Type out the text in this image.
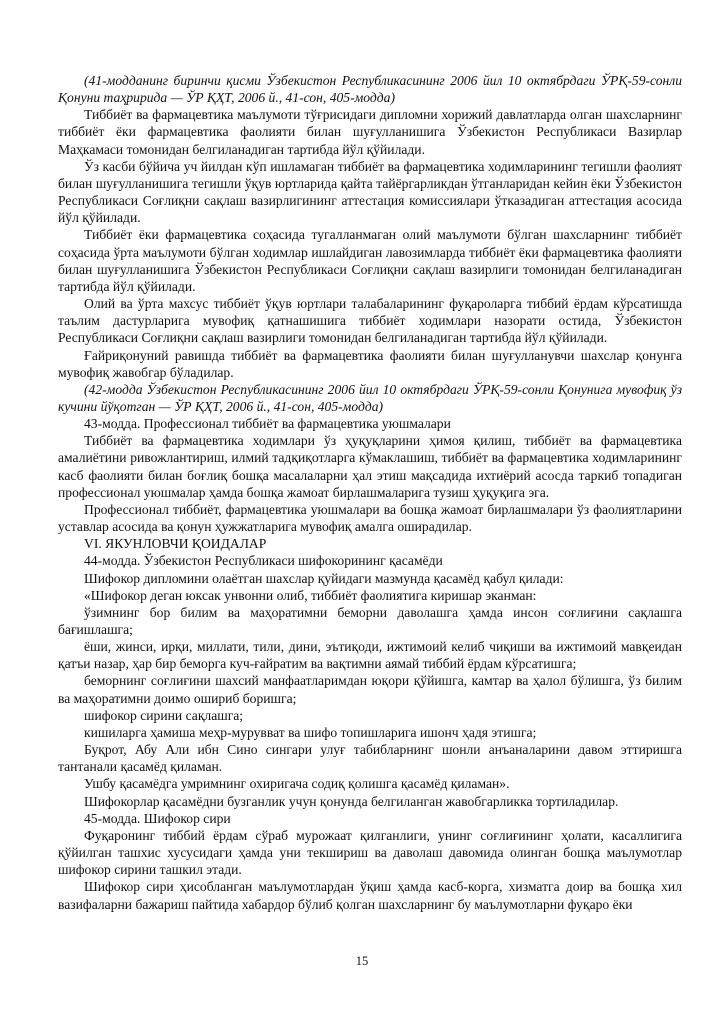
(41-модданинг биринчи қисми Ўзбекистон Республикасининг 2006 йил 10 октябрдаги ЎРҚ-59-сонли Қонуни таҳририда — ЎР ҚҲТ, 2006 й., 41-сон, 405-модда)

Тиббиёт ва фармацевтика маълумоти тўғрисидаги дипломни хорижий давлатларда олган шахсларнинг тиббиёт ёки фармацевтика фаолияти билан шуғулланишига Ўзбекистон Республикаси Вазирлар Маҳкамаси томонидан белгиланадиган тартибда йўл қўйилади.

Ўз касби бўйича уч йилдан кўп ишламаган тиббиёт ва фармацевтика ходимларининг тегишли фаолият билан шуғулланишига тегишли ўқув юртларида қайта тайёргарликдан ўтганларидан кейин ёки Ўзбекистон Республикаси Соғлиқни сақлаш вазирлигининг аттестация комиссиялари ўтказадиган аттестация асосида йўл қўйилади.

Тиббиёт ёки фармацевтика соҳасида тугалланмаган олий маълумоти бўлган шахсларнинг тиббиёт соҳасида ўрта маълумоти бўлган ходимлар ишлайдиган лавозимларда тиббиёт ёки фармацевтика фаолияти билан шуғулланишига Ўзбекистон Республикаси Соғлиқни сақлаш вазирлиги томонидан белгиланадиган тартибда йўл қўйилади.

Олий ва ўрта махсус тиббиёт ўқув юртлари талабаларининг фуқароларга тиббий ёрдам кўрсатишда таълим дастурларига мувофиқ қатнашишига тиббиёт ходимлари назорати остида, Ўзбекистон Республикаси Соғлиқни сақлаш вазирлиги томонидан белгиланадиган тартибда йўл қўйилади.

Ғайриқонуний равишда тиббиёт ва фармацевтика фаолияти билан шуғулланувчи шахслар қонунга мувофиқ жавобгар бўладилар.

(42-модда Ўзбекистон Республикасининг 2006 йил 10 октябрдаги ЎРҚ-59-сонли Қонунига мувофиқ ўз кучини йўқотган — ЎР ҚҲТ, 2006 й., 41-сон, 405-модда)

43-модда. Профессионал тиббиёт ва фармацевтика уюшмалари

Тиббиёт ва фармацевтика ходимлари ўз ҳуқуқларини ҳимоя қилиш, тиббиёт ва фармацевтика амалиётини ривожлантириш, илмий тадқиқотларга кўмаклашиш, тиббиёт ва фармацевтика ходимларининг касб фаолияти билан боғлиқ бошқа масалаларни ҳал этиш мақсадида ихтиёрий асосда таркиб топадиган профессионал уюшмалар ҳамда бошқа жамоат бирлашмаларига тузиш ҳуқуқига эга.

Профессионал тиббиёт, фармацевтика уюшмалари ва бошқа жамоат бирлашмалари ўз фаолиятларини уставлар асосида ва қонун ҳужжатларига мувофиқ амалга оширадилар.

VI. ЯКУНЛОВЧИ ҚОИДАЛАР

44-модда. Ўзбекистон Республикаси шифокорининг қасамёди

Шифокор дипломини олаётган шахслар қуйидаги мазмунда қасамёд қабул қилади:

«Шифокор деган юксак унвонни олиб, тиббиёт фаолиятига киришар эканман:

ўзимнинг бор билим ва маҳоратимни беморни даволашга ҳамда инсон соғлиғини сақлашга бағишлашга;

ёши, жинси, ирқи, миллати, тили, дини, эътиқоди, ижтимоий келиб чиқиши ва ижтимоий мавқеидан қатъи назар, ҳар бир беморга куч-ғайратим ва вақтимни аямай тиббий ёрдам кўрсатишга;

беморнинг соғлиғини шахсий манфаатларимдан юқори қўйишга, камтар ва ҳалол бўлишга, ўз билим ва маҳоратимни доимо ошириб боришга;

шифокор сирини сақлашга;

кишиларга ҳамиша меҳр-мурувват ва шифо топишларига ишонч ҳадя этишга;

Буқрот, Абу Али ибн Сино сингари улуғ табибларнинг шонли анъаналарини давом эттиришга тантанали қасамёд қиламан.

Ушбу қасамёдга умримнинг охиригача содиқ қолишга қасамёд қиламан».

Шифокорлар қасамёдни бузганлик учун қонунда белгиланган жавобгарликка тортиладилар.

45-модда. Шифокор сири

Фуқаронинг тиббий ёрдам сўраб мурожаат қилганлиги, унинг соғлиғининг ҳолати, касаллигига қўйилган ташхис хусусидаги ҳамда уни текшириш ва даволаш давомида олинган бошқа маълумотлар шифокор сирини ташкил этади.

Шифокор сири ҳисобланган маълумотлардан ўқиш ҳамда касб-корга, хизматга доир ва бошқа хил вазифаларни бажариш пайтида хабардор бўлиб қолган шахсларнинг бу маълумотларни фуқаро ёки

15
